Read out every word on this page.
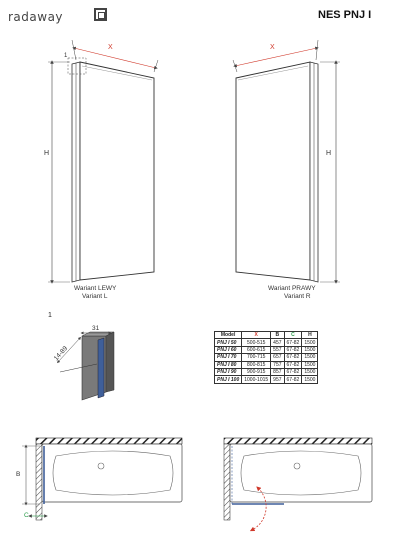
radaway	NES PNJ I
X
1
H
X
H
Wariant LEWY
Variant L
Wariant PRAWY
Variant R
1
31
14-89
B
C
Model	X	B	C	H
PNJ I 50	500-515	457	67-82	1500
PNJ I 60	600-615	557	67-82	1500
PNJ I 70	700-715	657	67-82	1500
PNJ I 80	800-815	757	67-82	1500
PNJ I 90	900-915	857	67-82	1500
PNJ I 100	1000-1015	957	67-82	1500
